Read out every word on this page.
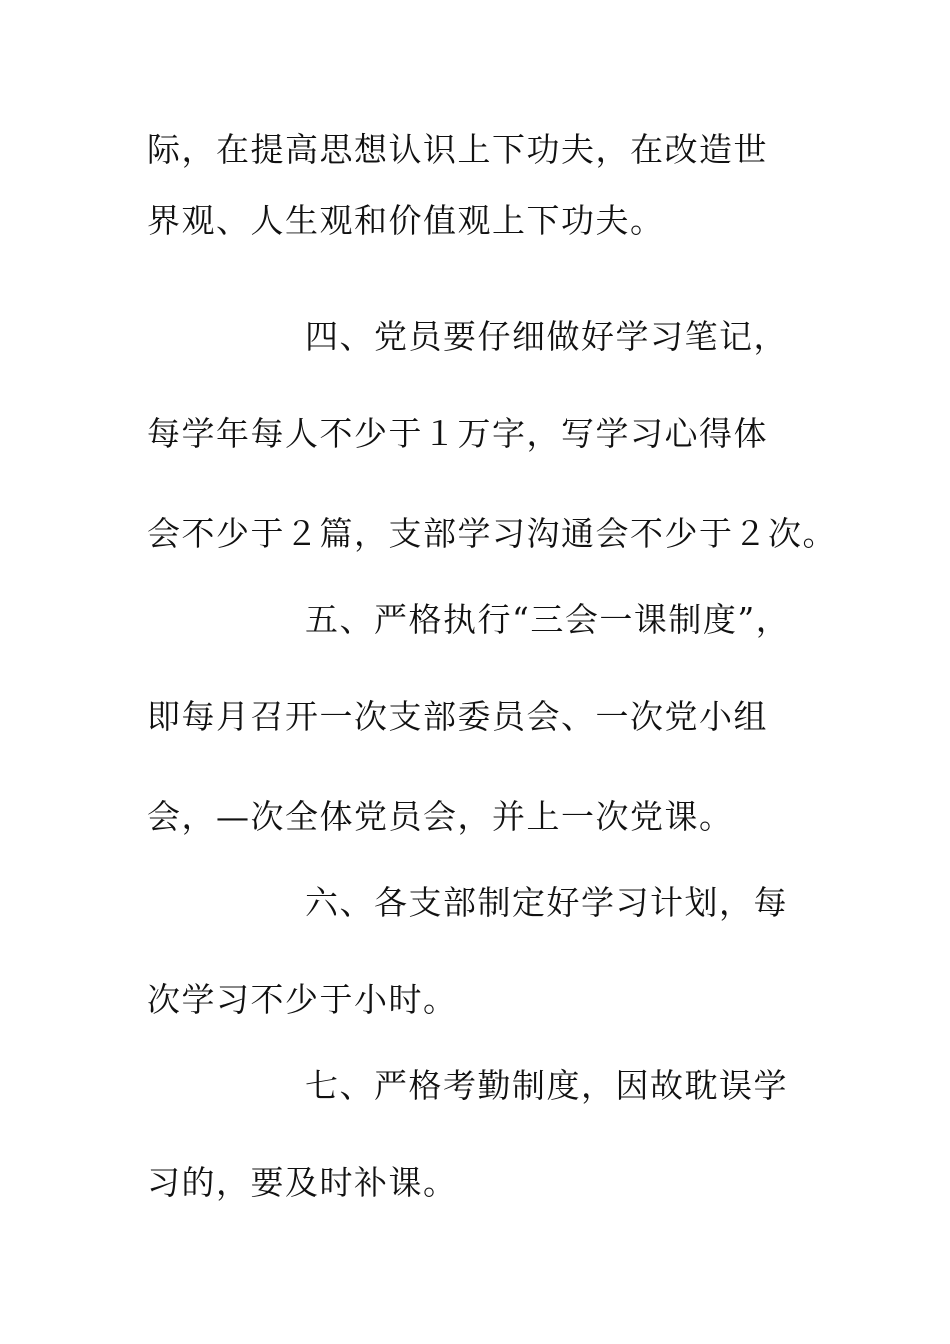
际，在提高思想认识上下功夫，在改造世
界观、人生观和价值观上下功夫。
四、党员要仔细做好学习笔记，
每学年每人不少于１万字，写学习心得体
会不少于２篇，支部学习沟通会不少于２次。
五、严格执行“三会一课制度”，
即每月召开一次支部委员会、一次党小组
会，—次全体党员会，并上一次党课。
六、各支部制定好学习计划，每
次学习不少于小时。
七、严格考勤制度，因故耽误学
习的，要及时补课。
